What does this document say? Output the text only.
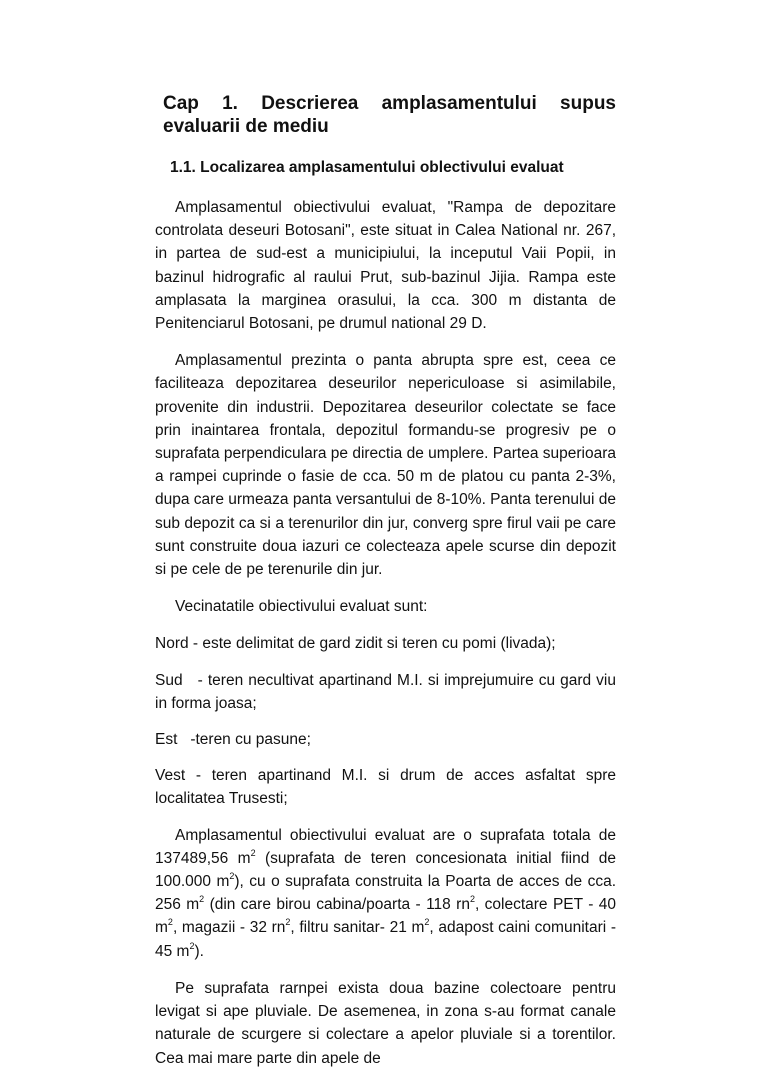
Cap 1. Descrierea amplasamentului supus evaluarii de mediu
1.1. Localizarea amplasamentului oblectivului evaluat

Amplasamentul obiectivului evaluat, "Rampa de depozitare controlata deseuri Botosani", este situat in Calea National nr. 267, in partea de sud-est a municipiului, la inceputul Vaii Popii, in bazinul hidrografic al raului Prut, sub-bazinul Jijia. Rampa este amplasata la marginea orasului, la cca. 300 m distanta de Penitenciarul Botosani, pe drumul national 29 D.

Amplasamentul prezinta o panta abrupta spre est, ceea ce faciliteaza depozitarea deseurilor nepericuloase si asimilabile, provenite din industrii. Depozitarea deseurilor colectate se face prin inaintarea frontala, depozitul formandu-se progresiv pe o suprafata perpendiculara pe directia de umplere. Partea superioara a rampei cuprinde o fasie de cca. 50 m de platou cu panta 2-3%, dupa care urmeaza panta versantului de 8-10%. Panta terenului de sub depozit ca si a terenurilor din jur, converg spre firul vaii pe care sunt construite doua iazuri ce colecteaza apele scurse din depozit si pe cele de pe terenurile din jur.

Vecinatatile obiectivului evaluat sunt:

Nord - este delimitat de gard zidit si teren cu pomi (livada);

Sud   - teren necultivat apartinand M.I. si imprejumuire cu gard viu in forma joasa;

Est   -teren cu pasune;

Vest - teren apartinand M.I. si drum de acces asfaltat spre localitatea Trusesti;

Amplasamentul obiectivului evaluat are o suprafata totala de 137489,56 $m^2$ (suprafata de teren concesionata initial fiind de 100.000 $m^2$), cu o suprafata construita la Poarta de acces de cca. 256 $m^2$ (din care birou cabina/poarta - 118 $rn^2$, colectare PET - 40 $m^2$, magazii - 32 $rn^2$, filtru sanitar- 21 $m^2$, adapost caini comunitari - 45 $m^2$).

Pe suprafata rarnpei exista doua bazine colectoare pentru levigat si ape pluviale. De asemenea, in zona s-au format canale naturale de scurgere si colectare a apelor pluviale si a torentilor. Cea mai mare parte din apele de
